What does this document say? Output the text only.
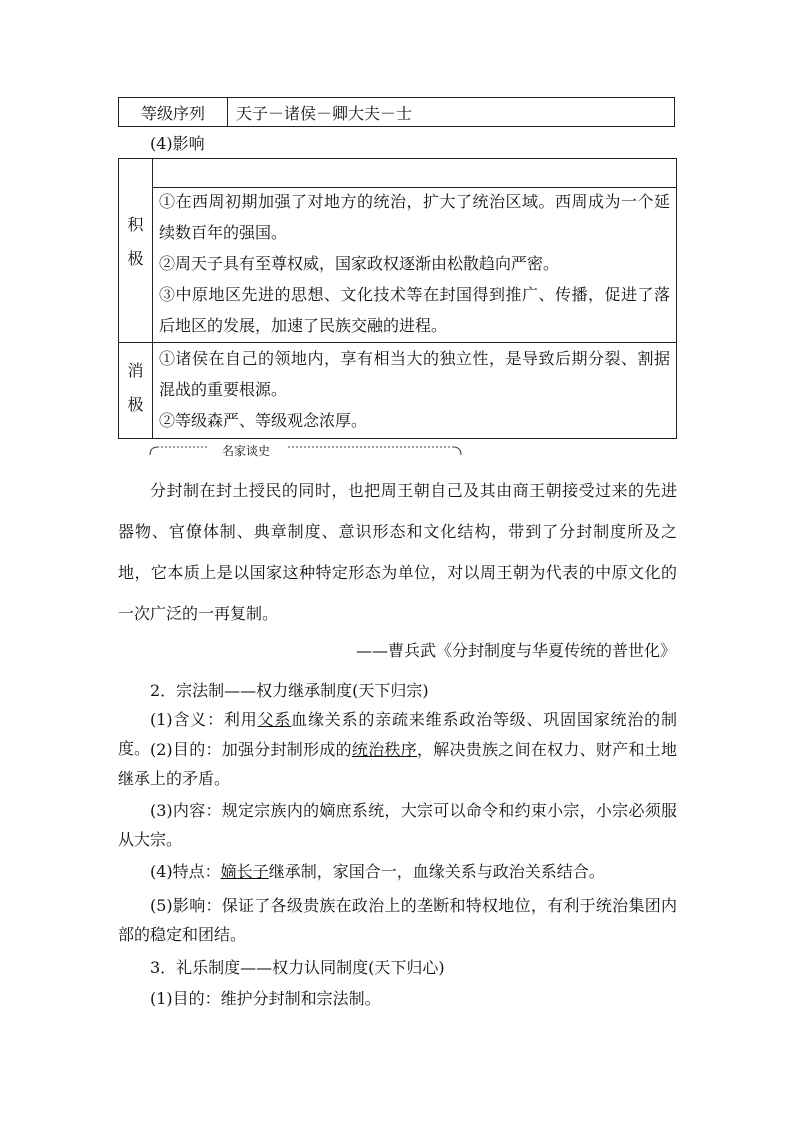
等级序列	天子－诸侯－卿大夫－士
(4)影响
积
极

①在西周初期加强了对地方的统治，扩大了统治区域。西周成为一个延续数百年的强国。

②周天子具有至尊权威，国家政权逐渐由松散趋向严密。

③中原地区先进的思想、文化技术等在封国得到推广、传播，促进了落后地区的发展，加速了民族交融的进程。

消
极

①诸侯在自己的领地内，享有相当大的独立性，是导致后期分裂、割据混战的重要根源。

②等级森严、等级观念浓厚。

名家谈史

分封制在封土授民的同时，也把周王朝自己及其由商王朝接受过来的先进器物、官僚体制、典章制度、意识形态和文化结构，带到了分封制度所及之地，它本质上是以国家这种特定形态为单位，对以周王朝为代表的中原文化的一次广泛的一再复制。

——曹兵武《分封制度与华夏传统的普世化》

2．宗法制——权力继承制度(天下归宗)

(1)含义：利用父系血缘关系的亲疏来维系政治等级、巩固国家统治的制度。 (2)目的：加强分封制形成的统治秩序，解决贵族之间在权力、财产和土地继承上的矛盾。

(3)内容：规定宗族内的嫡庶系统，大宗可以命令和约束小宗，小宗必须服从大宗。

(4)特点：嫡长子继承制，家国合一，血缘关系与政治关系结合。

(5)影响：保证了各级贵族在政治上的垄断和特权地位，有利于统治集团内部的稳定和团结。

3．礼乐制度——权力认同制度(天下归心)

(1)目的：维护分封制和宗法制。
